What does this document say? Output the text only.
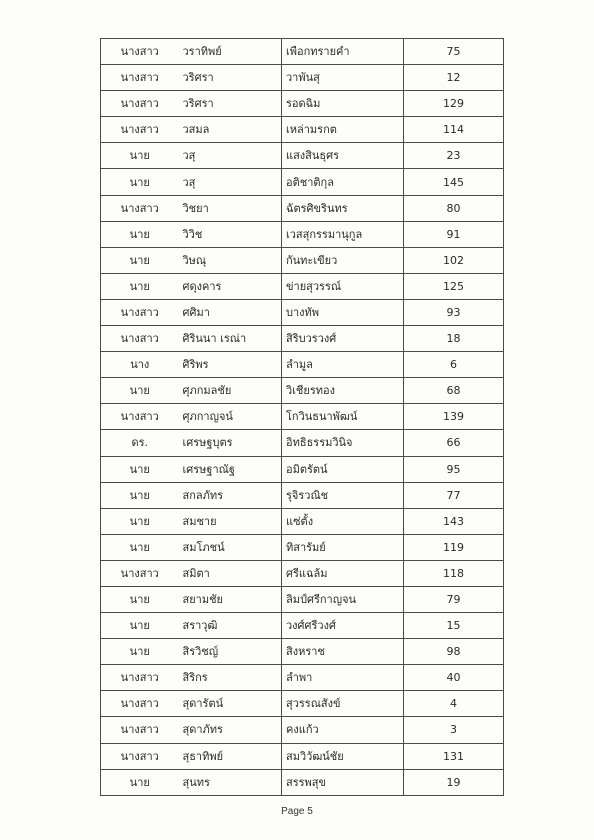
นางสาว	วราทิพย์	เพือกทรายคำ	75
นางสาว	วริศรา	วาพันสุ	12
นางสาว	วริศรา	รอดฉิม	129
นางสาว	วสมล	เหล่ามรกต	114
นาย	วสุ	แสงสินธุศร	23
นาย	วสุ	อติชาติกุล	145
นางสาว	วิชยา	ฉัตรศิขรินทร	80
นาย	วิวิช	เวสสุกรรมานุกูล	91
นาย	วิษณุ	กันทะเขียว	102
นาย	ศดุงคาร	ข่ายสุวรรณ์	125
นางสาว	ศศิมา	บางทัพ	93
นางสาว	ศิรินนา เรณ่า	สิริบวรวงศ์	18
นาง	ศิริพร	ลำมูล	6
นาย	ศุภกมลชัย	วิเชียรทอง	68
นางสาว	ศุภกาญจน์	โกวินธนาพัฒน์	139
ดร.	เศรษฐบุตร	อิทธิธรรมวินิจ	66
นาย	เศรษฐาณัฐ	อมิตรัตน์	95
นาย	สกลภัทร	รุจิรวณิช	77
นาย	สมชาย	แซ่ตั้ง	143
นาย	สมโภชน์	ทิสารัมย์	119
นางสาว	สมิตา	ศรีแฉล้ม	118
นาย	สยามชัย	ลิมป์ศรีกาญจน	79
นาย	สราวุฒิ	วงศ์ศรีวงศ์	15
นาย	สิรวิชญ์	สิงหราช	98
นางสาว	สิริกร	ลำพา	40
นางสาว	สุดารัตน์	สุวรรณสังข์	4
นางสาว	สุดาภัทร	คงแก้ว	3
นางสาว	สุธาทิพย์	สมวิวัฒน์ชัย	131
นาย	สุนทร	สรรพสุข	19
Page 5
